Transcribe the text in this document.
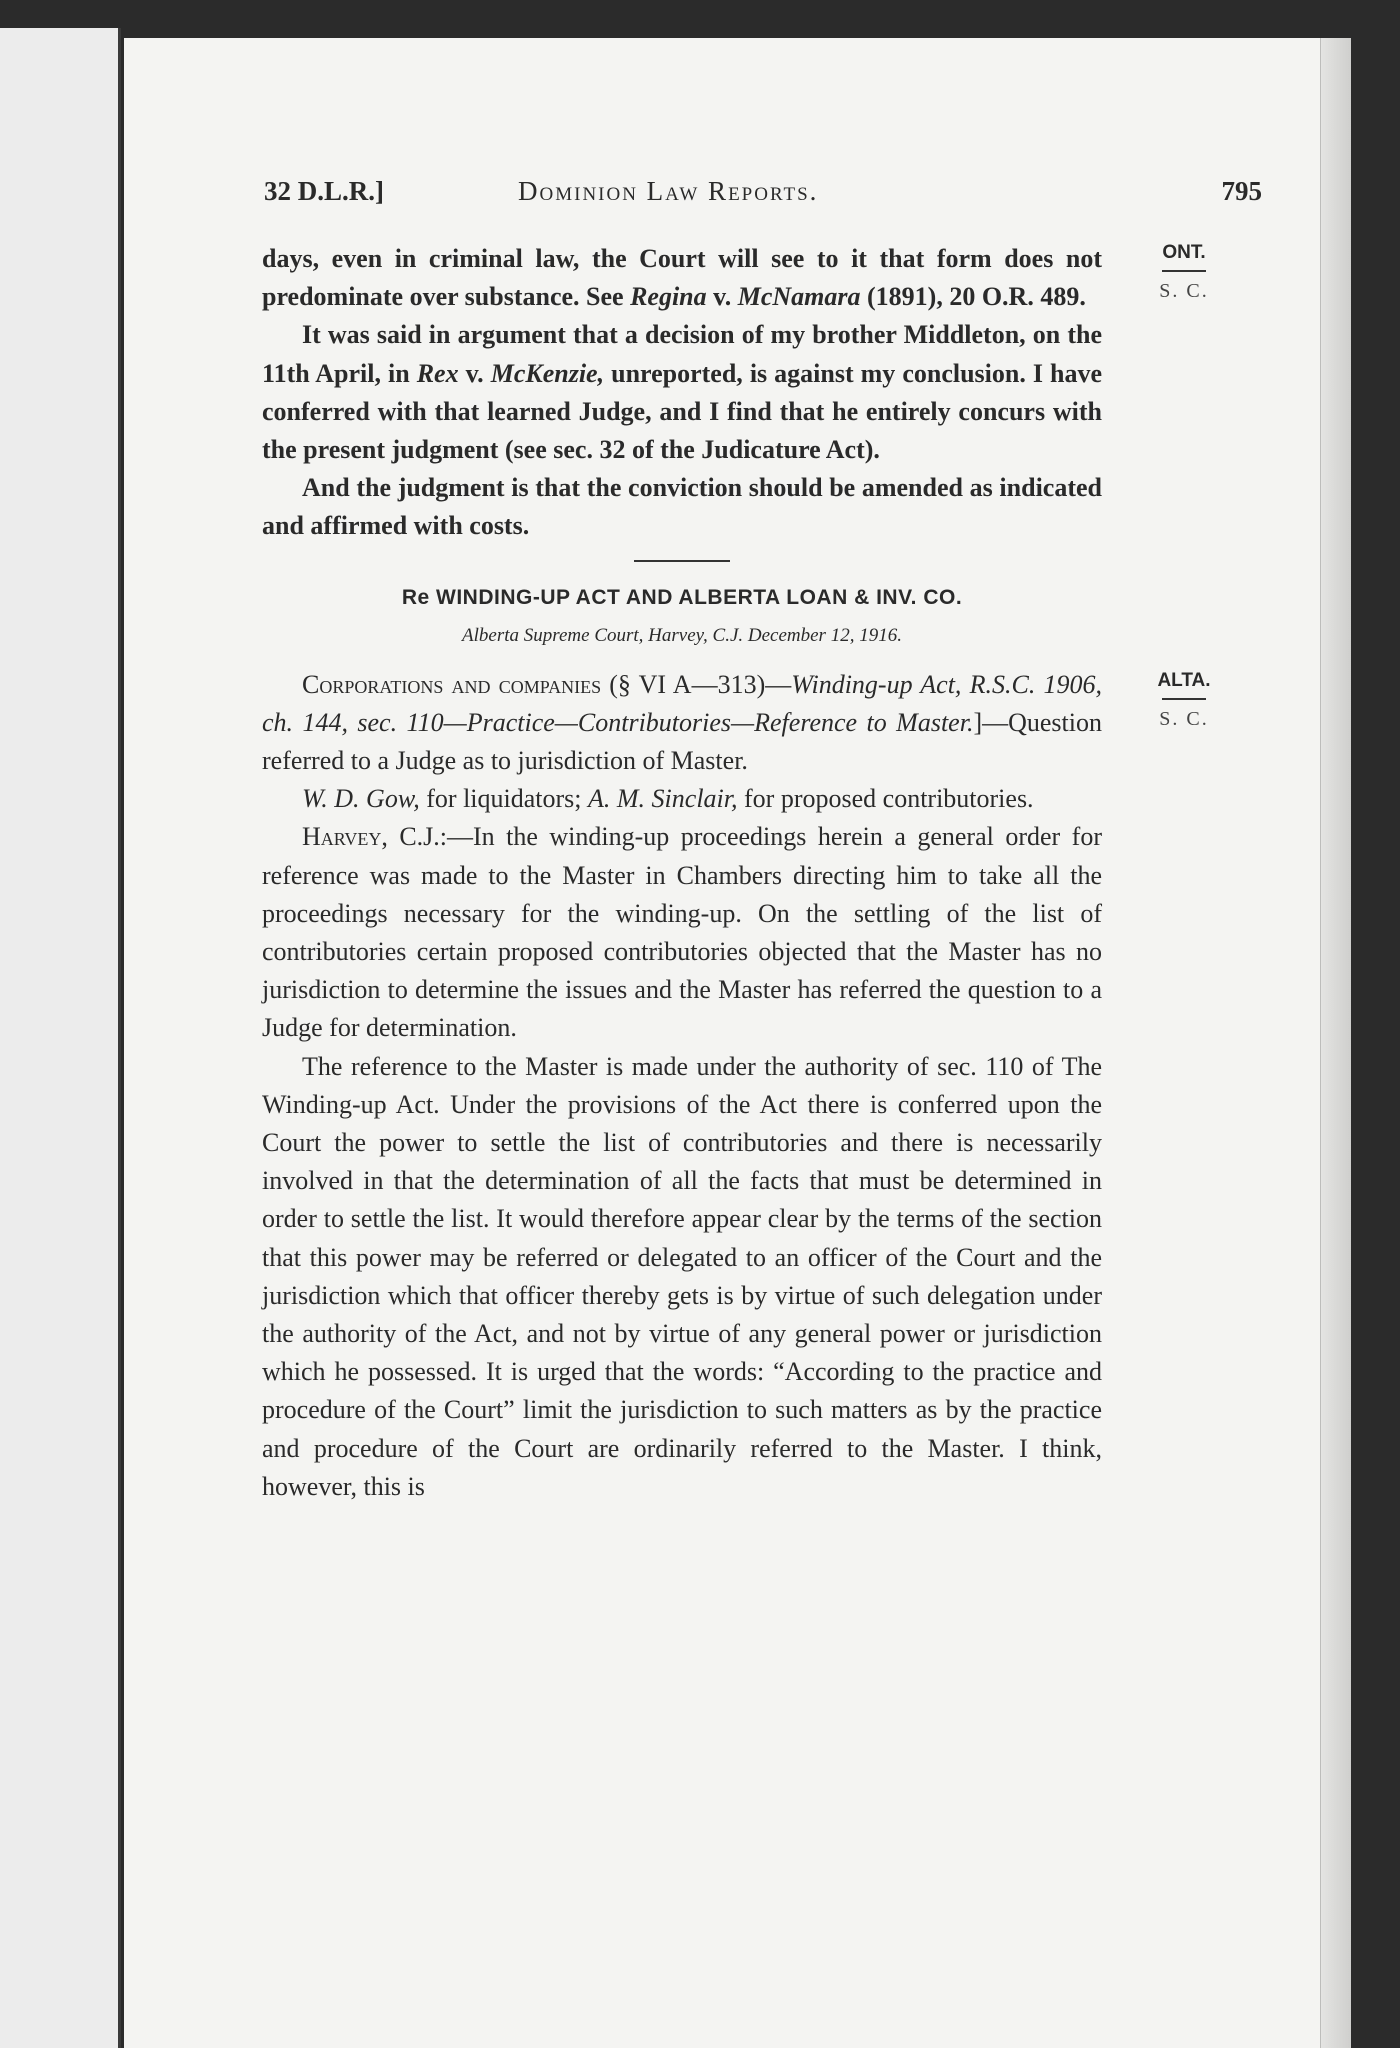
32 D.L.R.]	Dominion Law Reports.	795
ONT.
S. C.
ALTA.
S. C.

days, even in criminal law, the Court will see to it that form does not predominate over substance. See Regina v. McNamara (1891), 20 O.R. 489.

It was said in argument that a decision of my brother Middleton, on the 11th April, in Rex v. McKenzie, unreported, is against my conclusion. I have conferred with that learned Judge, and I find that he entirely concurs with the present judgment (see sec. 32 of the Judicature Act).

And the judgment is that the conviction should be amended as indicated and affirmed with costs.

Re WINDING-UP ACT AND ALBERTA LOAN & INV. CO.

Alberta Supreme Court, Harvey, C.J. December 12, 1916.

Corporations and companies (§ VI A—313)—Winding-up Act, R.S.C. 1906, ch. 144, sec. 110—Practice—Contributories—Reference to Master.]—Question referred to a Judge as to jurisdiction of Master.

W. D. Gow, for liquidators; A. M. Sinclair, for proposed contributories.

Harvey, C.J.:—In the winding-up proceedings herein a general order for reference was made to the Master in Chambers directing him to take all the proceedings necessary for the winding-up. On the settling of the list of contributories certain proposed contributories objected that the Master has no jurisdiction to determine the issues and the Master has referred the question to a Judge for determination.

The reference to the Master is made under the authority of sec. 110 of The Winding-up Act. Under the provisions of the Act there is conferred upon the Court the power to settle the list of contributories and there is necessarily involved in that the determination of all the facts that must be determined in order to settle the list. It would therefore appear clear by the terms of the section that this power may be referred or delegated to an officer of the Court and the jurisdiction which that officer thereby gets is by virtue of such delegation under the authority of the Act, and not by virtue of any general power or jurisdiction which he possessed. It is urged that the words: “According to the practice and procedure of the Court” limit the jurisdiction to such matters as by the practice and procedure of the Court are ordinarily referred to the Master. I think, however, this is
